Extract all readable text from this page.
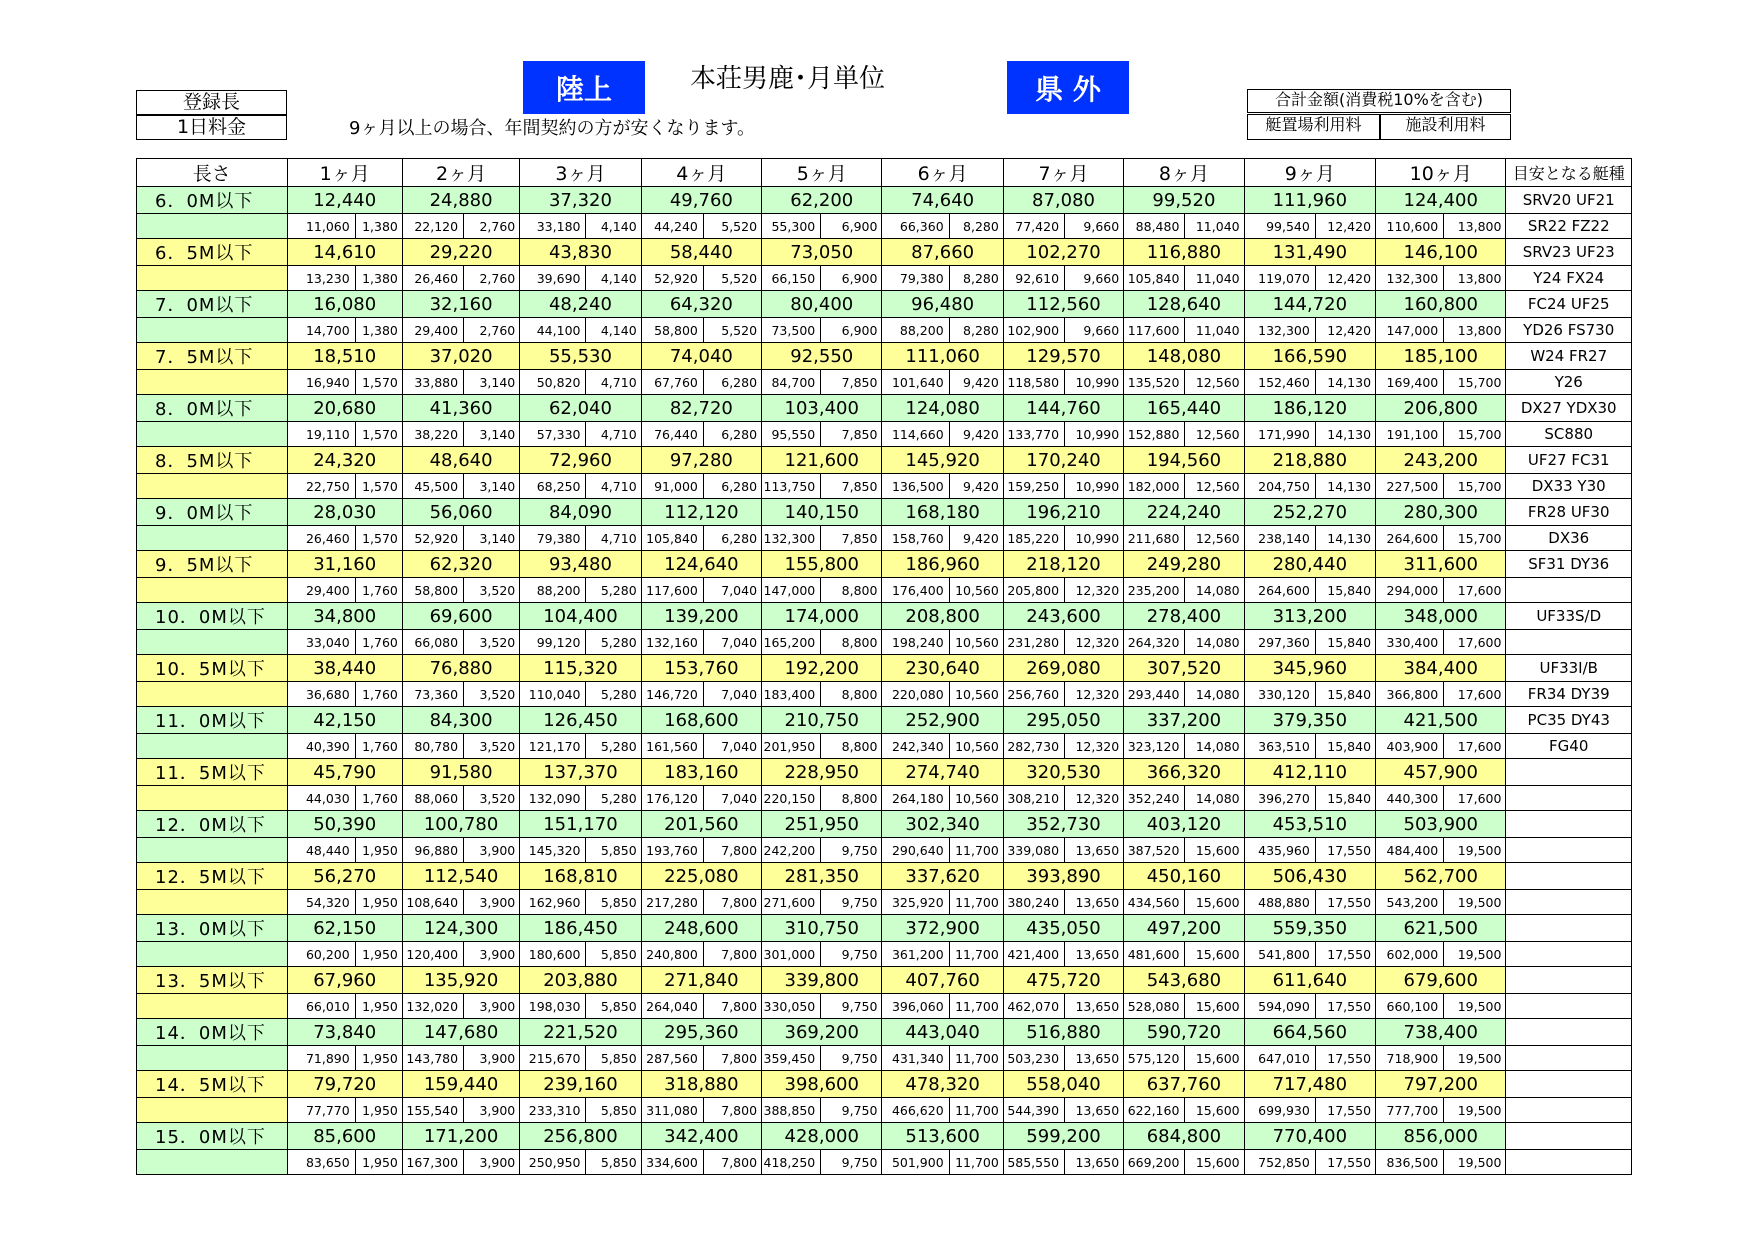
陸上	本荘男鹿･月単位	県 外
登録長
1日料金	9ヶ月以上の場合、年間契約の方が安くなります。
合計金額(消費税10%を含む)
艇置場利用料	施設利用料
長さ	1ヶ月		2ヶ月		3ヶ月		4ヶ月		5ヶ月		6ヶ月		7ヶ月		8ヶ月		9ヶ月		10ヶ月		目安となる艇種
6．0M以下	12,440		24,880		37,320		49,760		62,200		74,640		87,080		99,520		111,960		124,400		SRV20 UF21
	11,060	1,380	22,120	2,760	33,180	4,140	44,240	5,520	55,300	6,900	66,360	8,280	77,420	9,660	88,480	11,040	99,540	12,420	110,600	13,800	SR22 FZ22
6．5M以下	14,610		29,220		43,830		58,440		73,050		87,660		102,270		116,880		131,490		146,100		SRV23 UF23
	13,230	1,380	26,460	2,760	39,690	4,140	52,920	5,520	66,150	6,900	79,380	8,280	92,610	9,660	105,840	11,040	119,070	12,420	132,300	13,800	Y24 FX24
7．0M以下	16,080		32,160		48,240		64,320		80,400		96,480		112,560		128,640		144,720		160,800		FC24 UF25
	14,700	1,380	29,400	2,760	44,100	4,140	58,800	5,520	73,500	6,900	88,200	8,280	102,900	9,660	117,600	11,040	132,300	12,420	147,000	13,800	YD26 FS730
7．5M以下	18,510		37,020		55,530		74,040		92,550		111,060		129,570		148,080		166,590		185,100		W24 FR27
	16,940	1,570	33,880	3,140	50,820	4,710	67,760	6,280	84,700	7,850	101,640	9,420	118,580	10,990	135,520	12,560	152,460	14,130	169,400	15,700	Y26
8．0M以下	20,680		41,360		62,040		82,720		103,400		124,080		144,760		165,440		186,120		206,800		DX27 YDX30
	19,110	1,570	38,220	3,140	57,330	4,710	76,440	6,280	95,550	7,850	114,660	9,420	133,770	10,990	152,880	12,560	171,990	14,130	191,100	15,700	SC880
8．5M以下	24,320		48,640		72,960		97,280		121,600		145,920		170,240		194,560		218,880		243,200		UF27 FC31
	22,750	1,570	45,500	3,140	68,250	4,710	91,000	6,280	113,750	7,850	136,500	9,420	159,250	10,990	182,000	12,560	204,750	14,130	227,500	15,700	DX33 Y30
9．0M以下	28,030		56,060		84,090		112,120		140,150		168,180		196,210		224,240		252,270		280,300		FR28 UF30
	26,460	1,570	52,920	3,140	79,380	4,710	105,840	6,280	132,300	7,850	158,760	9,420	185,220	10,990	211,680	12,560	238,140	14,130	264,600	15,700	DX36
9．5M以下	31,160		62,320		93,480		124,640		155,800		186,960		218,120		249,280		280,440		311,600		SF31 DY36
	29,400	1,760	58,800	3,520	88,200	5,280	117,600	7,040	147,000	8,800	176,400	10,560	205,800	12,320	235,200	14,080	264,600	15,840	294,000	17,600	
10．0M以下	34,800		69,600		104,400		139,200		174,000		208,800		243,600		278,400		313,200		348,000		UF33S/D
	33,040	1,760	66,080	3,520	99,120	5,280	132,160	7,040	165,200	8,800	198,240	10,560	231,280	12,320	264,320	14,080	297,360	15,840	330,400	17,600	
10．5M以下	38,440		76,880		115,320		153,760		192,200		230,640		269,080		307,520		345,960		384,400		UF33I/B
	36,680	1,760	73,360	3,520	110,040	5,280	146,720	7,040	183,400	8,800	220,080	10,560	256,760	12,320	293,440	14,080	330,120	15,840	366,800	17,600	FR34 DY39
11．0M以下	42,150		84,300		126,450		168,600		210,750		252,900		295,050		337,200		379,350		421,500		PC35 DY43
	40,390	1,760	80,780	3,520	121,170	5,280	161,560	7,040	201,950	8,800	242,340	10,560	282,730	12,320	323,120	14,080	363,510	15,840	403,900	17,600	FG40
11．5M以下	45,790		91,580		137,370		183,160		228,950		274,740		320,530		366,320		412,110		457,900		
	44,030	1,760	88,060	3,520	132,090	5,280	176,120	7,040	220,150	8,800	264,180	10,560	308,210	12,320	352,240	14,080	396,270	15,840	440,300	17,600	
12．0M以下	50,390		100,780		151,170		201,560		251,950		302,340		352,730		403,120		453,510		503,900		
	48,440	1,950	96,880	3,900	145,320	5,850	193,760	7,800	242,200	9,750	290,640	11,700	339,080	13,650	387,520	15,600	435,960	17,550	484,400	19,500	
12．5M以下	56,270		112,540		168,810		225,080		281,350		337,620		393,890		450,160		506,430		562,700		
	54,320	1,950	108,640	3,900	162,960	5,850	217,280	7,800	271,600	9,750	325,920	11,700	380,240	13,650	434,560	15,600	488,880	17,550	543,200	19,500	
13．0M以下	62,150		124,300		186,450		248,600		310,750		372,900		435,050		497,200		559,350		621,500		
	60,200	1,950	120,400	3,900	180,600	5,850	240,800	7,800	301,000	9,750	361,200	11,700	421,400	13,650	481,600	15,600	541,800	17,550	602,000	19,500	
13．5M以下	67,960		135,920		203,880		271,840		339,800		407,760		475,720		543,680		611,640		679,600		
	66,010	1,950	132,020	3,900	198,030	5,850	264,040	7,800	330,050	9,750	396,060	11,700	462,070	13,650	528,080	15,600	594,090	17,550	660,100	19,500	
14．0M以下	73,840		147,680		221,520		295,360		369,200		443,040		516,880		590,720		664,560		738,400		
	71,890	1,950	143,780	3,900	215,670	5,850	287,560	7,800	359,450	9,750	431,340	11,700	503,230	13,650	575,120	15,600	647,010	17,550	718,900	19,500	
14．5M以下	79,720		159,440		239,160		318,880		398,600		478,320		558,040		637,760		717,480		797,200		
	77,770	1,950	155,540	3,900	233,310	5,850	311,080	7,800	388,850	9,750	466,620	11,700	544,390	13,650	622,160	15,600	699,930	17,550	777,700	19,500	
15．0M以下	85,600		171,200		256,800		342,400		428,000		513,600		599,200		684,800		770,400		856,000		
	83,650	1,950	167,300	3,900	250,950	5,850	334,600	7,800	418,250	9,750	501,900	11,700	585,550	13,650	669,200	15,600	752,850	17,550	836,500	19,500	
